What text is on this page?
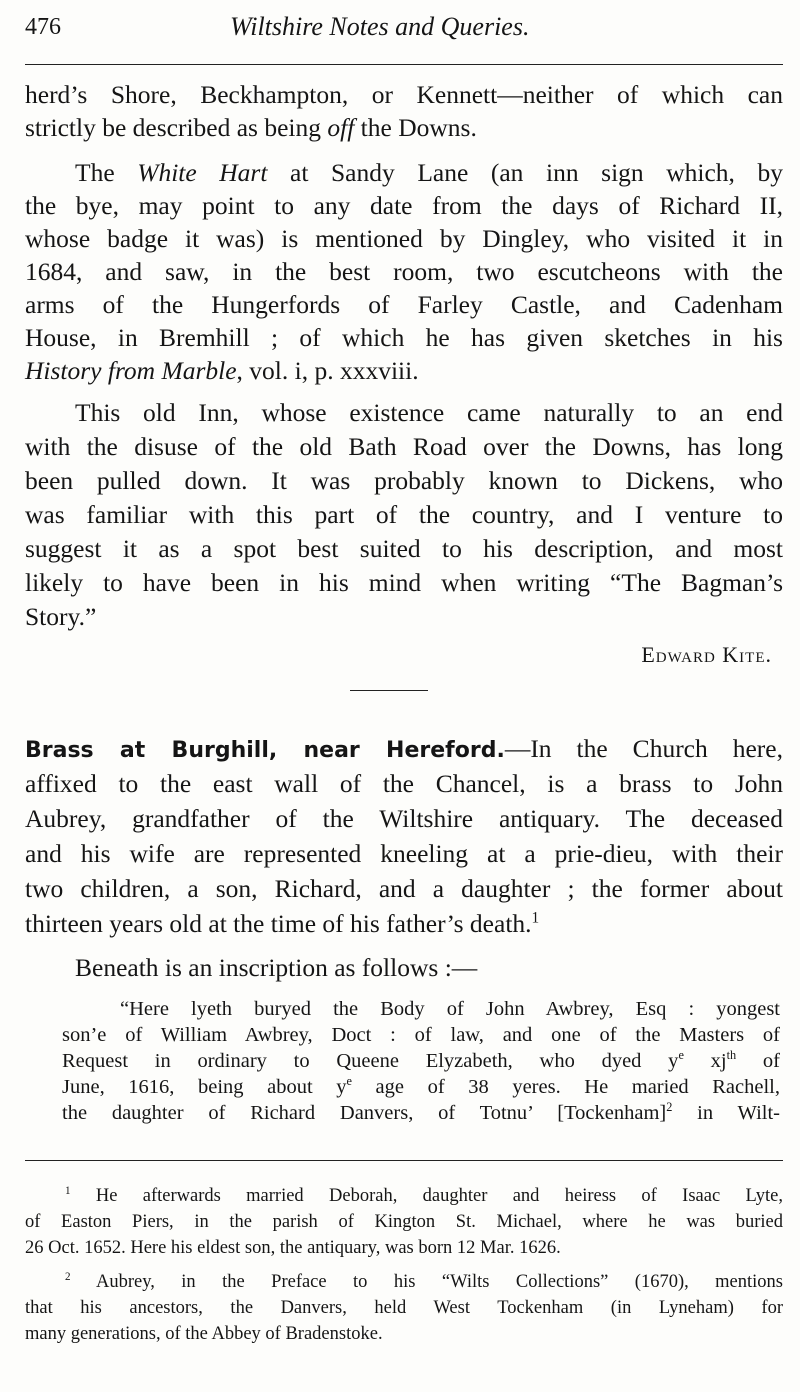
476	Wiltshire Notes and Queries.
herd’s Shore, Beckhampton, or Kennett—neither of which can
strictly be described as being off the Downs.
The White Hart at Sandy Lane (an inn sign which, by
the bye, may point to any date from the days of Richard II,
whose badge it was) is mentioned by Dingley, who visited it in
1684, and saw, in the best room, two escutcheons with the
arms of the Hungerfords of Farley Castle, and Cadenham
House, in Bremhill ; of which he has given sketches in his
History from Marble, vol. i, p. xxxviii.
This old Inn, whose existence came naturally to an end
with the disuse of the old Bath Road over the Downs, has long
been pulled down. It was probably known to Dickens, who
was familiar with this part of the country, and I venture to
suggest it as a spot best suited to his description, and most
likely to have been in his mind when writing “The Bagman’s
Story.”
Brass at Burghill, near Hereford.—In the Church here,
affixed to the east wall of the Chancel, is a brass to John
Aubrey, grandfather of the Wiltshire antiquary. The deceased
and his wife are represented kneeling at a prie-dieu, with their
two children, a son, Richard, and a daughter ; the former about
thirteen years old at the time of his father’s death.$^1$
Beneath is an inscription as follows :—
“Here lyeth buryed the Body of John Awbrey, Esq : yongest
son’e of William Awbrey, Doct : of law, and one of the Masters of
Request in ordinary to Queene Elyzabeth, who dyed $y^e$ $xj^{th}$ of
June, 1616, being about $y^e$ age of 38 yeres. He maried Rachell,
the daughter of Richard Danvers, of Totnu’ [Tockenham]$^2$ in Wilt-
$^1$ He afterwards married Deborah, daughter and heiress of Isaac Lyte,
of Easton Piers, in the parish of Kington St. Michael, where he was buried
26 Oct. 1652. Here his eldest son, the antiquary, was born 12 Mar. 1626.
$^2$ Aubrey, in the Preface to his “Wilts Collections” (1670), mentions
that his ancestors, the Danvers, held West Tockenham (in Lyneham) for
many generations, of the Abbey of Bradenstoke.
Edward Kite.
